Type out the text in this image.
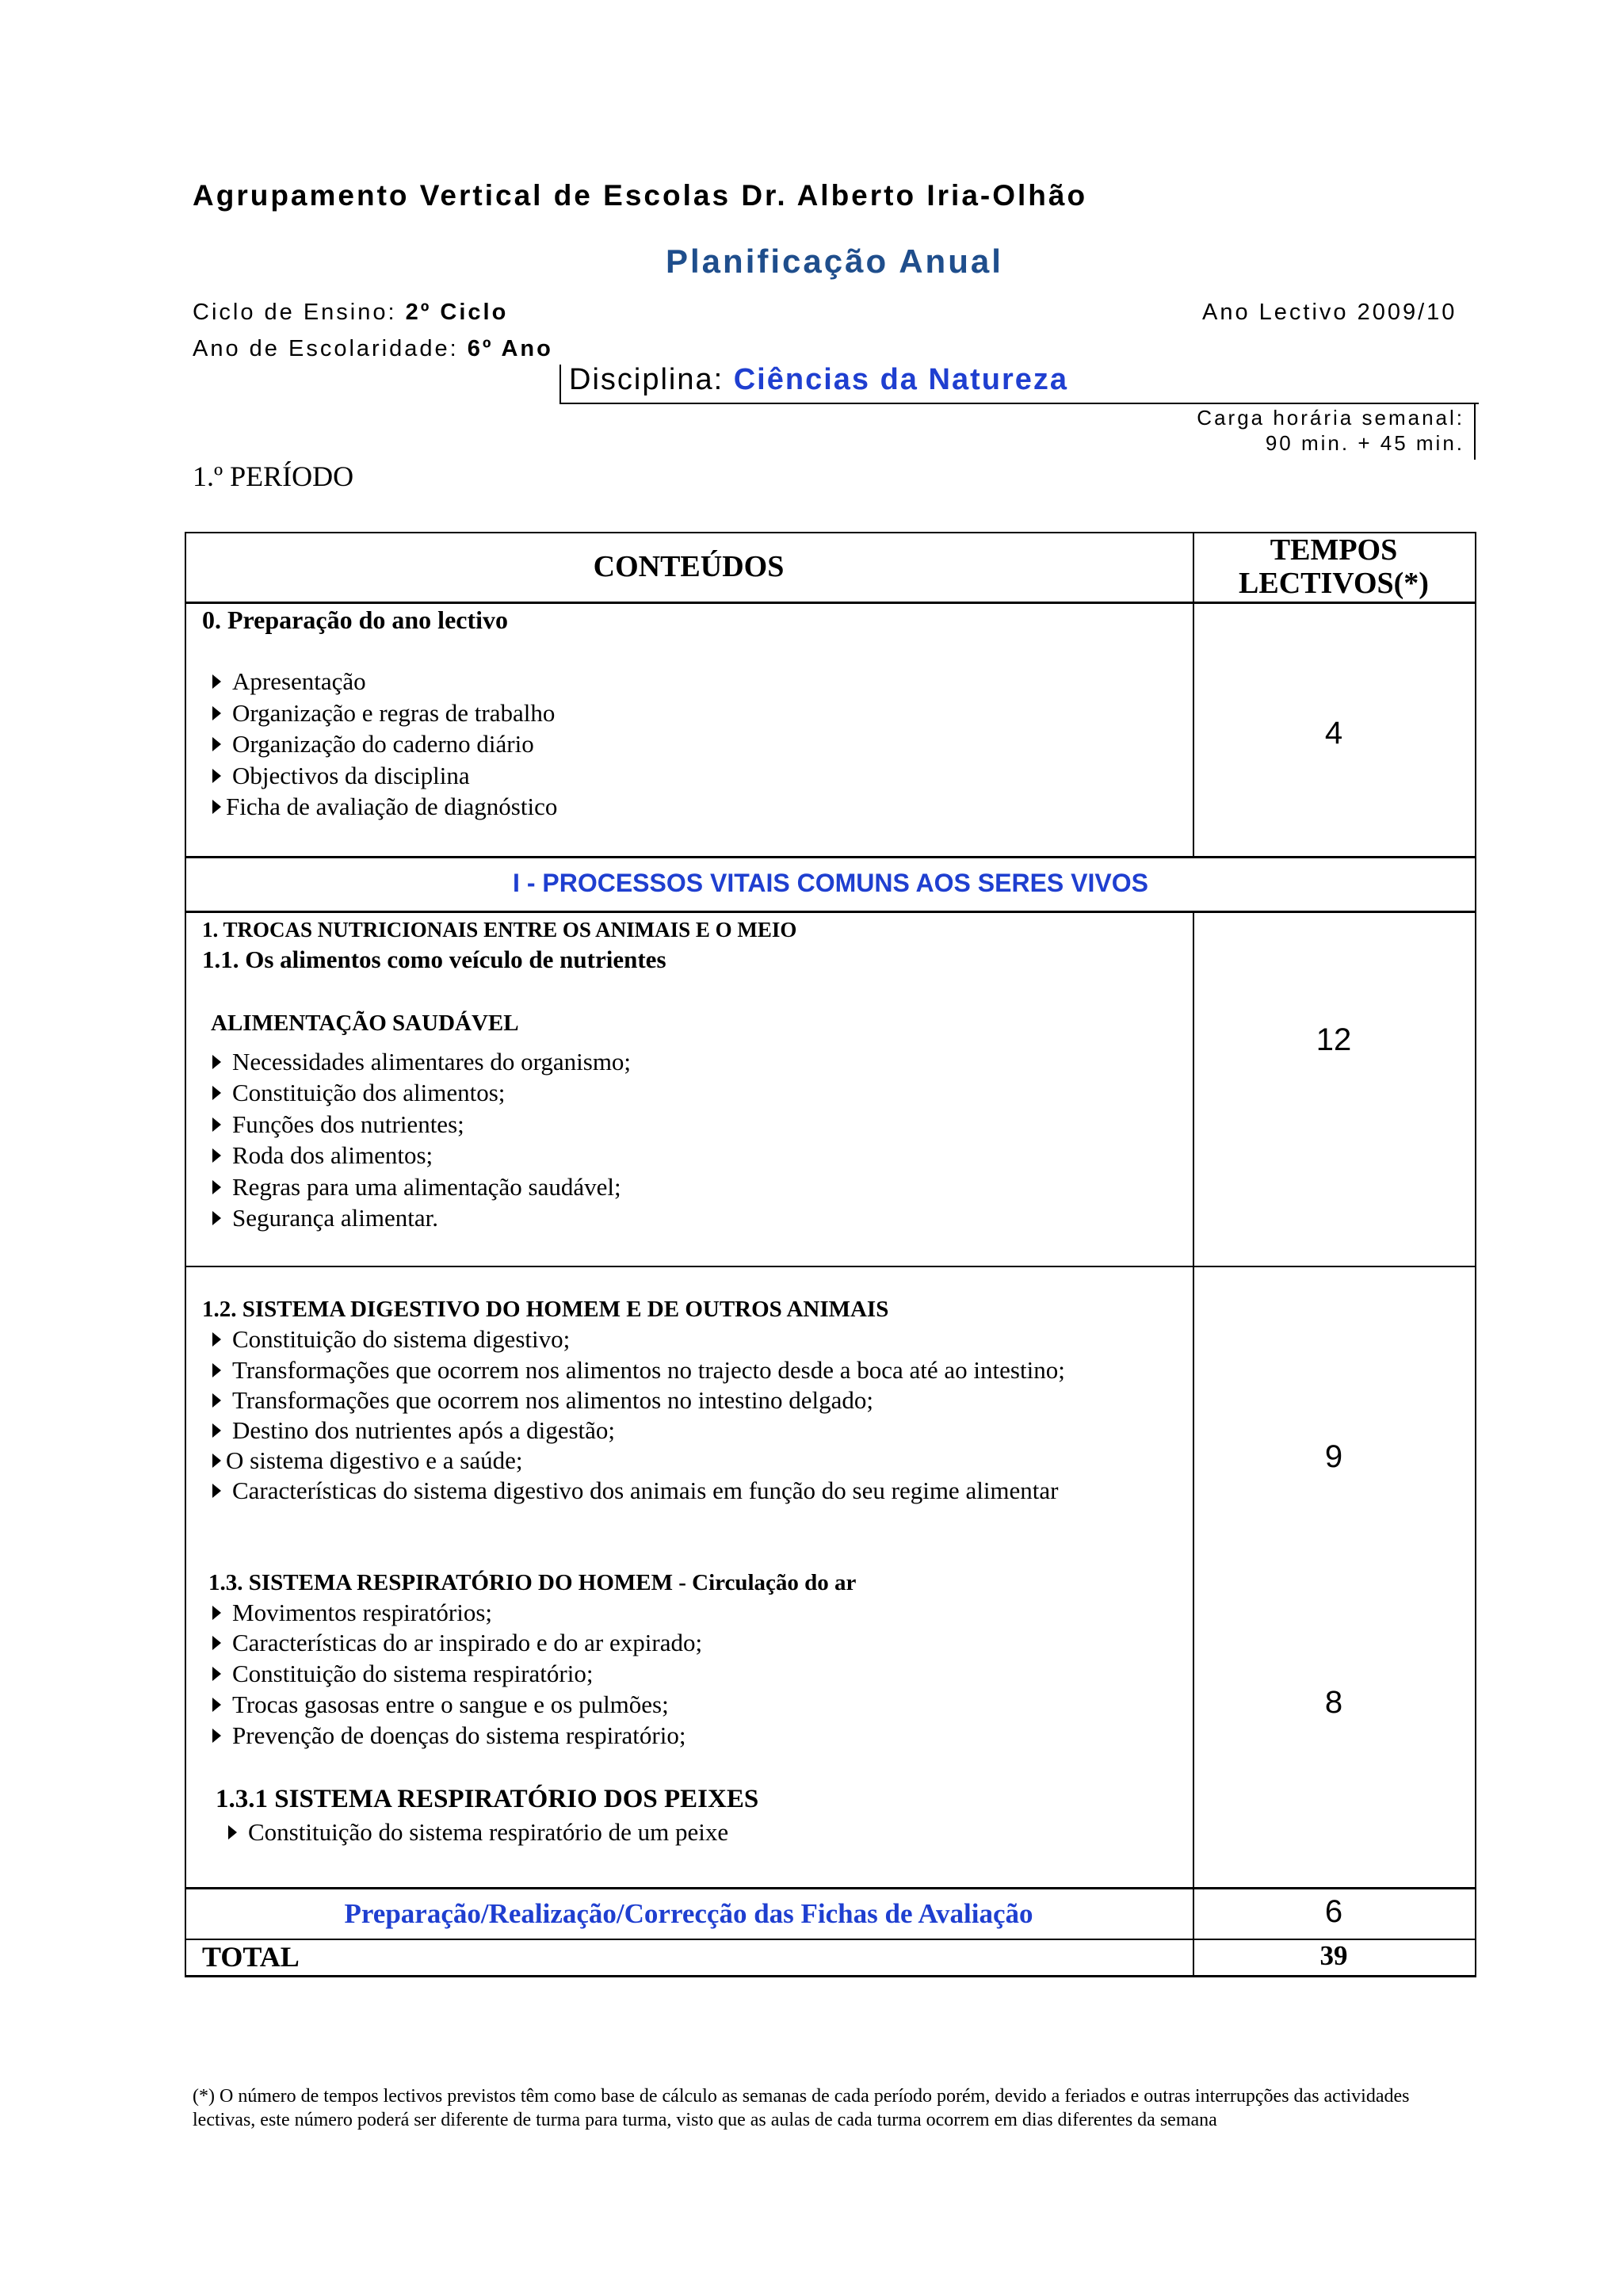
Agrupamento Vertical de Escolas Dr. Alberto Iria-Olhão
Planificação Anual
Ciclo de Ensino: 2º Ciclo
Ano de Escolaridade: 6º Ano
Ano Lectivo 2009/10
Disciplina: Ciências da Natureza
Carga horária semanal:
90 min. + 45 min.
1.º PERÍODO
CONTEÚDOS	TEMPOS
LECTIVOS(*)
0. Preparação do ano lectivo
Apresentação
Organização e regras de trabalho
Organização do caderno diário
Objectivos da disciplina
Ficha de avaliação de diagnóstico
4
I - PROCESSOS VITAIS COMUNS AOS SERES VIVOS
1. TROCAS NUTRICIONAIS ENTRE OS ANIMAIS E O MEIO
1.1. Os alimentos como veículo de nutrientes
ALIMENTAÇÃO SAUDÁVEL
Necessidades alimentares do organismo;
Constituição dos alimentos;
Funções dos nutrientes;
Roda dos alimentos;
Regras para uma alimentação saudável;
Segurança alimentar.
12
1.2. SISTEMA DIGESTIVO DO HOMEM E DE OUTROS ANIMAIS
Constituição do sistema digestivo;
Transformações que ocorrem nos alimentos no trajecto desde a boca até ao intestino;
Transformações que ocorrem nos alimentos no intestino delgado;
Destino dos nutrientes após a digestão;
O sistema digestivo e a saúde;
Características do sistema digestivo dos animais em função do seu regime alimentar
9
1.3. SISTEMA RESPIRATÓRIO DO HOMEM - Circulação do ar
Movimentos respiratórios;
Características do ar inspirado e do ar expirado;
Constituição do sistema respiratório;
Trocas gasosas entre o sangue e os pulmões;
Prevenção de doenças do sistema respiratório;
1.3.1 SISTEMA RESPIRATÓRIO DOS PEIXES
Constituição do sistema respiratório de um peixe
8
Preparação/Realização/Correcção das Fichas de Avaliação	6
TOTAL	39
(*) O número de tempos lectivos previstos têm como base de cálculo as semanas de cada período porém, devido a feriados e outras interrupções das actividades lectivas, este número poderá ser diferente de turma para turma, visto que as aulas de cada turma ocorrem em dias diferentes da semana
